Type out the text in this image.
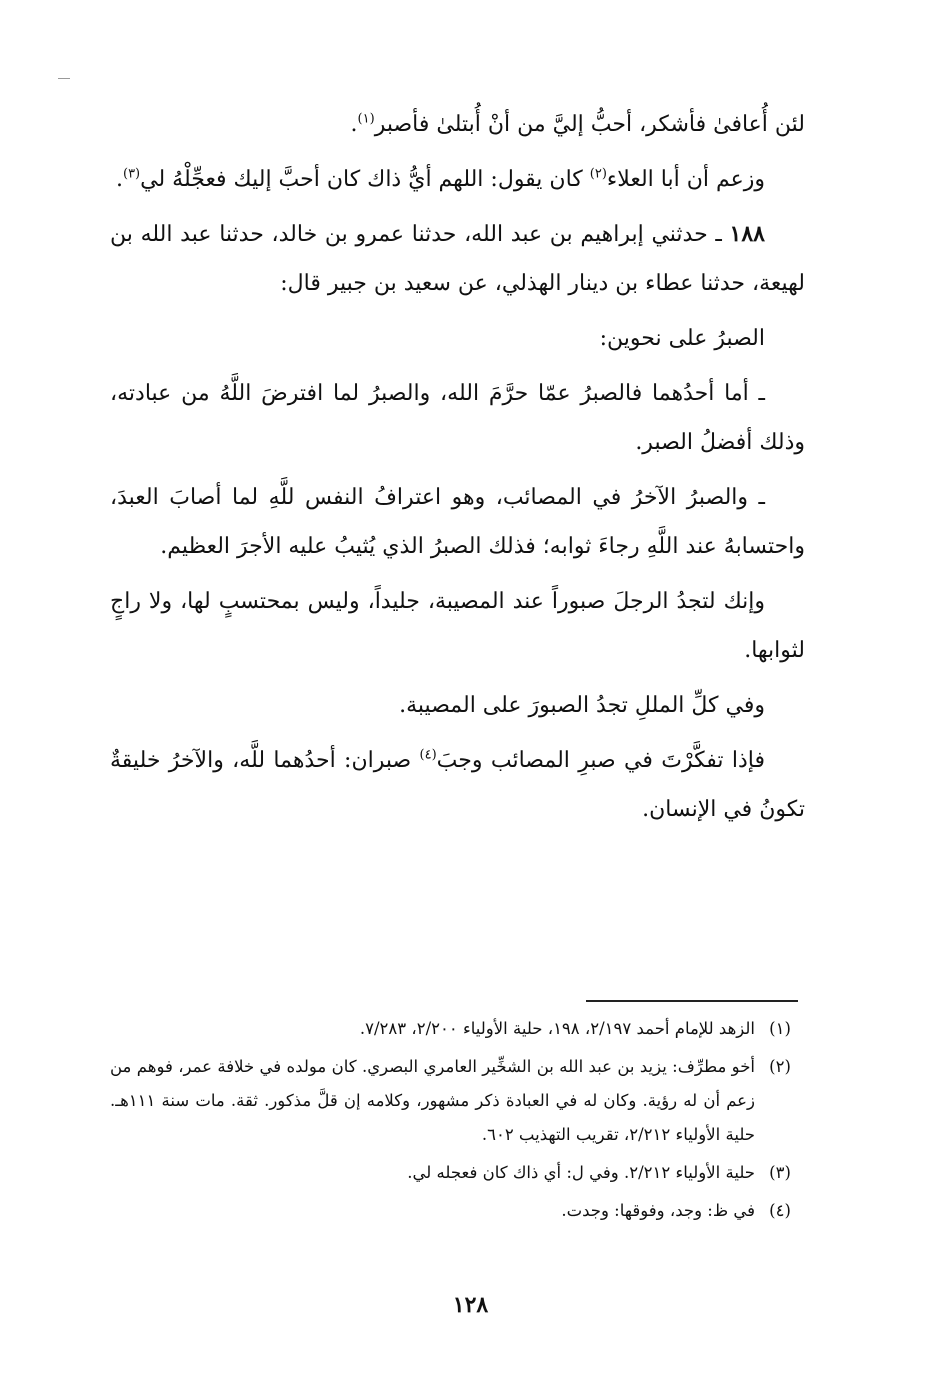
لئن أُعافىٰ فأشكر، أحبُّ إليَّ من أنْ أُبتلىٰ فأصبر$^{(١)}$.

وزعم أن أبا العلاء$^{(٢)}$ كان يقول: اللهم أيُّ ذاك كان أحبَّ إليك فعجِّلْهُ لي$^{(٣)}$.

١٨٨ ـ حدثني إبراهيم بن عبد الله، حدثنا عمرو بن خالد، حدثنا عبد الله بن لهيعة، حدثنا عطاء بن دينار الهذلي، عن سعيد بن جبير قال:

الصبرُ على نحوين:

ـ أما أحدُهما فالصبرُ عمّا حرَّمَ الله، والصبرُ لما افترضَ اللَّهُ من عبادته، وذلك أفضلُ الصبر.

ـ والصبرُ الآخرُ في المصائب، وهو اعترافُ النفس للَّهِ لما أصابَ العبدَ، واحتسابهُ عند اللَّهِ رجاءَ ثوابه؛ فذلك الصبرُ الذي يُثيبُ عليه الأجرَ العظيم.

وإنك لتجدُ الرجلَ صبوراً عند المصيبة، جليداً، وليس بمحتسبٍ لها، ولا راجٍ لثوابها.

وفي كلِّ المللِ تجدُ الصبورَ على المصيبة.

فإذا تفكَّرْتَ في صبرِ المصائب وجبَ$^{(٤)}$ صبران: أحدُهما للَّه، والآخرُ خليقةٌ تكونُ في الإنسان.

(١)
الزهد للإمام أحمد ٢/١٩٧، ١٩٨، حلية الأولياء ٢/٢٠٠، ٧/٢٨٣.
(٢)
أخو مطرِّف: يزيد بن عبد الله بن الشخِّير العامري البصري. كان مولده في خلافة عمر، فوهم من زعم أن له رؤية. وكان له في العبادة ذكر مشهور، وكلامه إن قلَّ مذكور. ثقة. مات سنة ١١١هـ. حلية الأولياء ٢/٢١٢، تقريب التهذيب ٦٠٢.
(٣)
حلية الأولياء ٢/٢١٢. وفي ل: أي ذاك كان فعجله لي.
(٤)
في ظ: وجد، وفوقها: وجدت.
١٢٨
